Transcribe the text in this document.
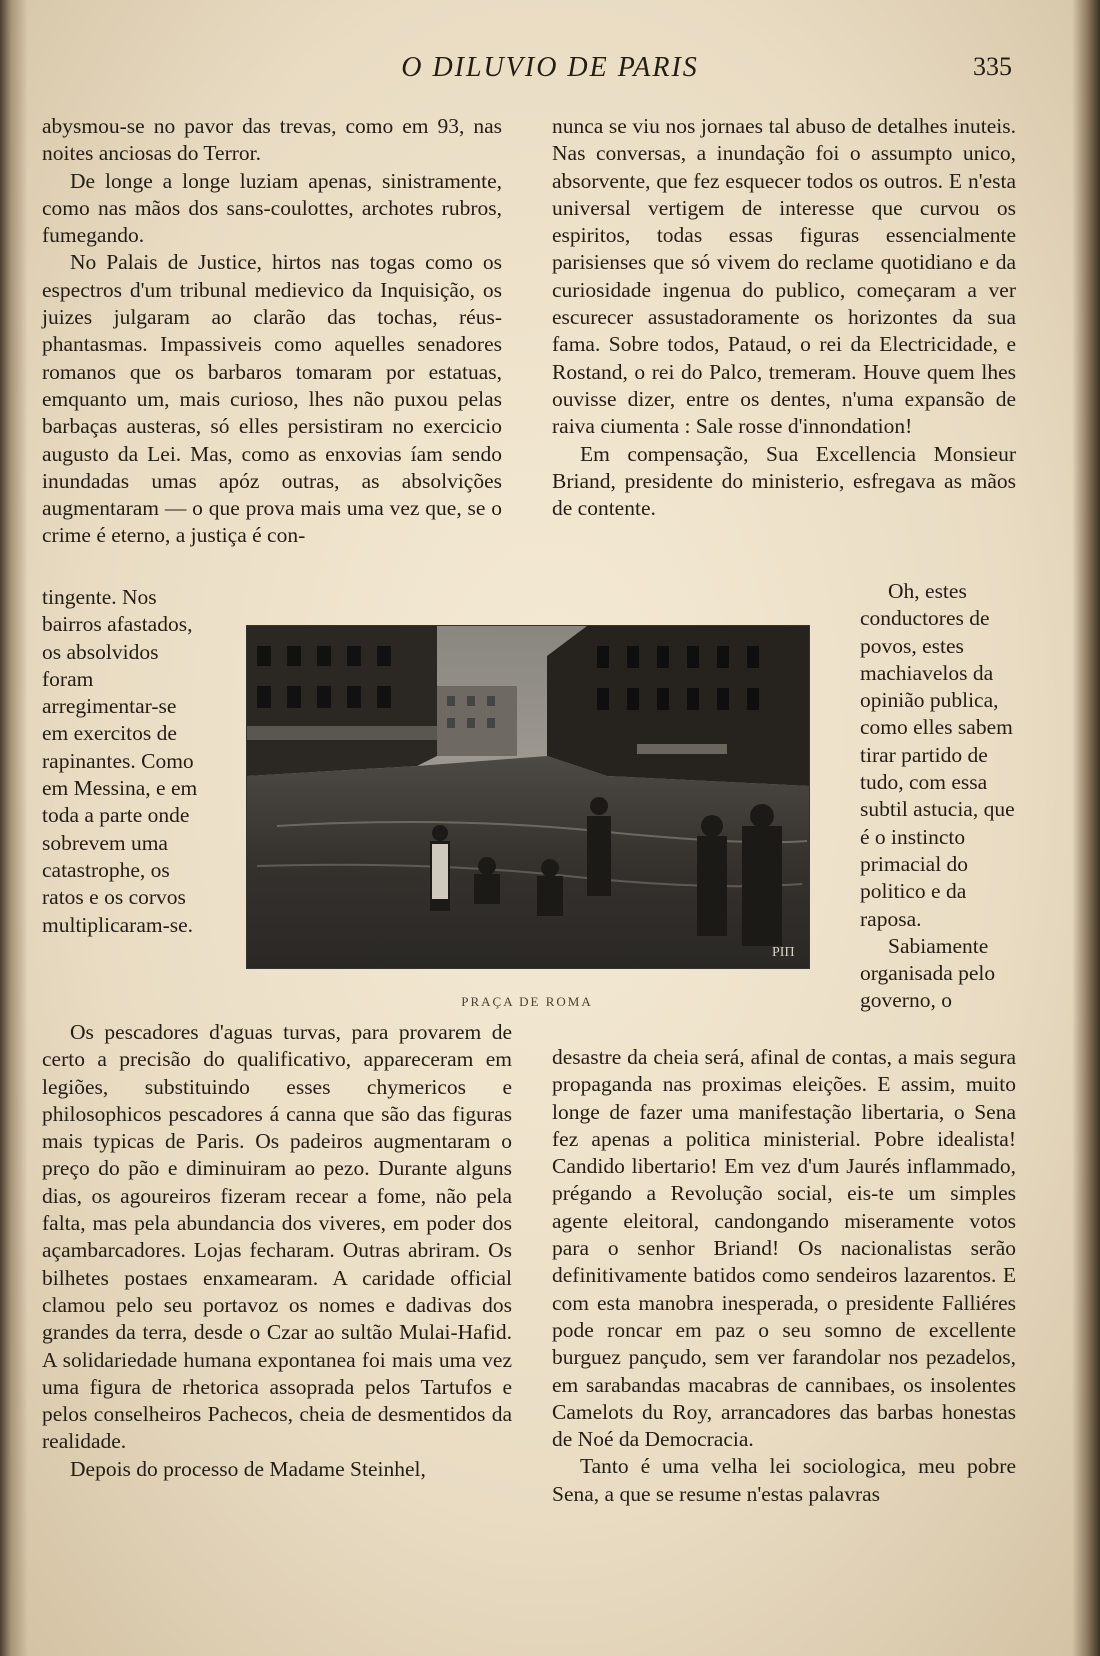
O DILUVIO DE PARIS	335

abysmou-se no pavor das trevas, como em 93, nas noites anciosas do Terror.

De longe a longe luziam apenas, sinistramente, como nas mãos dos sans-coulottes, archotes rubros, fumegando.

No Palais de Justice, hirtos nas togas como os espectros d'um tribunal medievico da Inquisição, os juizes julgaram ao clarão das tochas, réus-phantasmas. Impassiveis como aquelles senadores romanos que os barbaros tomaram por estatuas, emquanto um, mais curioso, lhes não puxou pelas barbaças austeras, só elles persistiram no exercicio augusto da Lei. Mas, como as enxovias íam sendo inundadas umas apóz outras, as absolvições augmentaram — o que prova mais uma vez que, se o crime é eterno, a justiça é con-

tingente. Nos bairros afastados, os absolvidos foram arregimentar-se em exercitos de rapinantes. Como em Messina, e em toda a parte onde sobrevem uma catastrophe, os ratos e os corvos multiplicaram-se.

Os pescadores d'aguas turvas, para provarem de certo a precisão do qualificativo, appareceram em legiões, substituindo esses chymericos e philosophicos pescadores á canna que são das figuras mais typicas de Paris. Os padeiros augmentaram o preço do pão e diminuiram ao pezo. Durante alguns dias, os agoureiros fizeram recear a fome, não pela falta, mas pela abundancia dos viveres, em poder dos açambarcadores. Lojas fecharam. Outras abriram. Os bilhetes postaes enxamearam. A caridade official clamou pelo seu portavoz os nomes e dadivas dos grandes da terra, desde o Czar ao sultão Mulai-Hafid. A solidariedade humana expontanea foi mais uma vez uma figura de rhetorica assoprada pelos Tartufos e pelos conselheiros Pachecos, cheia de desmentidos da realidade.

Depois do processo de Madame Steinhel,

nunca se viu nos jornaes tal abuso de detalhes inuteis. Nas conversas, a inundação foi o assumpto unico, absorvente, que fez esquecer todos os outros. E n'esta universal vertigem de interesse que curvou os espiritos, todas essas figuras essencialmente parisienses que só vivem do reclame quotidiano e da curiosidade ingenua do publico, começaram a ver escurecer assustadoramente os horizontes da sua fama. Sobre todos, Pataud, o rei da Electricidade, e Rostand, o rei do Palco, tremeram. Houve quem lhes ouvisse dizer, entre os dentes, n'uma expansão de raiva ciumenta : Sale rosse d'innondation!

Em compensação, Sua Excellencia Monsieur Briand, presidente do ministerio, esfregava as mãos de contente.

Oh, estes conductores de povos, estes machiavelos da opinião publica, como elles sabem tirar partido de tudo, com essa subtil astucia, que é o instincto primacial do politico e da raposa.

Sabiamente organisada pelo governo, o

desastre da cheia será, afinal de contas, a mais segura propaganda nas proximas eleições. E assim, muito longe de fazer uma manifestação libertaria, o Sena fez apenas a politica ministerial. Pobre idealista! Candido libertario! Em vez d'um Jaurés inflammado, prégando a Revolução social, eis-te um simples agente eleitoral, candongando miseramente votos para o senhor Briand! Os nacionalistas serão definitivamente batidos como sendeiros lazarentos. E com esta manobra inesperada, o presidente Falliéres pode roncar em paz o seu somno de excellente burguez pançudo, sem ver farandolar nos pezadelos, em sarabandas macabras de cannibaes, os insolentes Camelots du Roy, arrancadores das barbas honestas de Noé da Democracia.

Tanto é uma velha lei sociologica, meu pobre Sena, a que se resume n'estas palavras

PIП
PRAÇA DE ROMA
